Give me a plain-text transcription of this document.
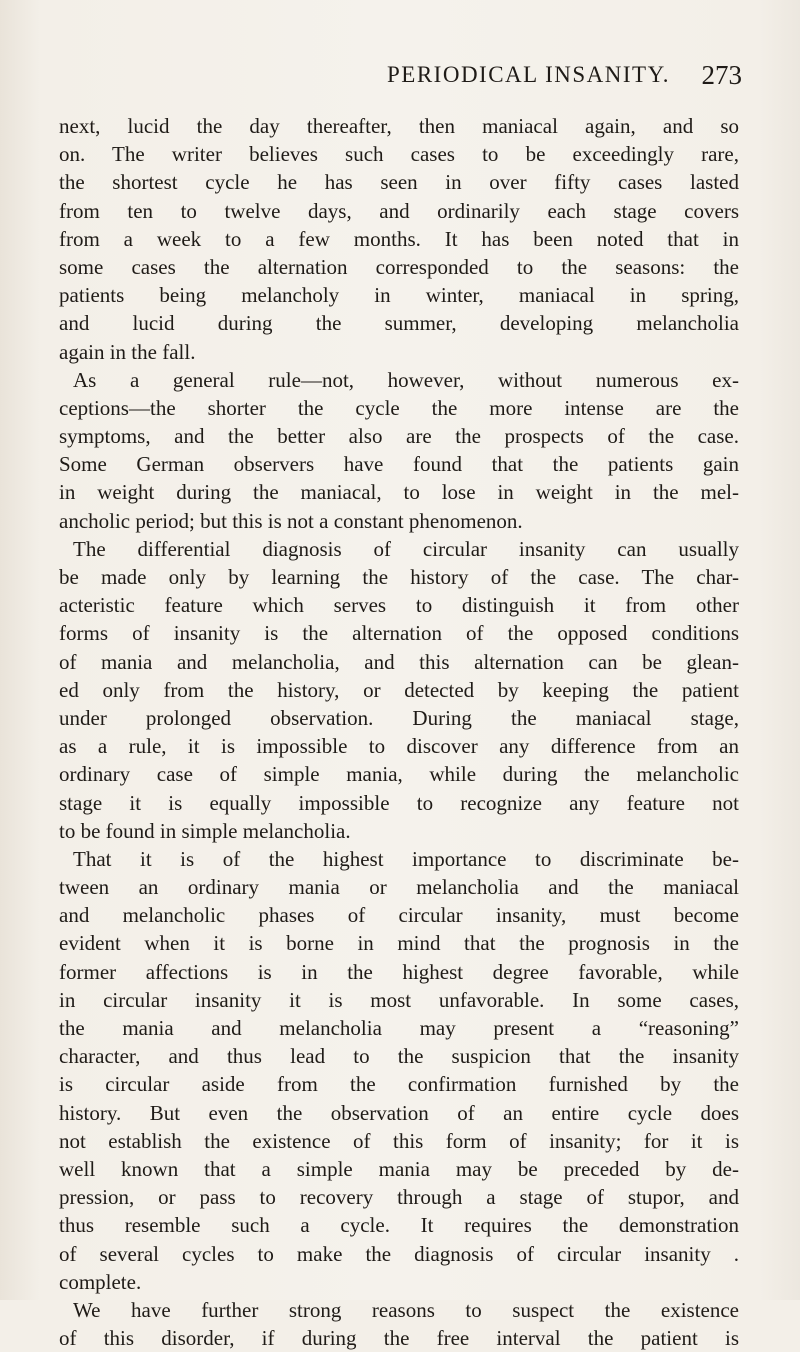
PERIODICAL INSANITY. 273
next, lucid the day thereafter, then maniacal again, and so
on. The writer believes such cases to be exceedingly rare,
the shortest cycle he has seen in over fifty cases lasted
from ten to twelve days, and ordinarily each stage covers
from a week to a few months. It has been noted that in
some cases the alternation corresponded to the seasons: the
patients being melancholy in winter, maniacal in spring,
and lucid during the summer, developing melancholia
again in the fall.
As a general rule—not, however, without numerous ex-
ceptions—the shorter the cycle the more intense are the
symptoms, and the better also are the prospects of the case.
Some German observers have found that the patients gain
in weight during the maniacal, to lose in weight in the mel-
ancholic period; but this is not a constant phenomenon.
The differential diagnosis of circular insanity can usually
be made only by learning the history of the case. The char-
acteristic feature which serves to distinguish it from other
forms of insanity is the alternation of the opposed conditions
of mania and melancholia, and this alternation can be glean-
ed only from the history, or detected by keeping the patient
under prolonged observation. During the maniacal stage,
as a rule, it is impossible to discover any difference from an
ordinary case of simple mania, while during the melancholic
stage it is equally impossible to recognize any feature not
to be found in simple melancholia.
That it is of the highest importance to discriminate be-
tween an ordinary mania or melancholia and the maniacal
and melancholic phases of circular insanity, must become
evident when it is borne in mind that the prognosis in the
former affections is in the highest degree favorable, while
in circular insanity it is most unfavorable. In some cases,
the mania and melancholia may present a “reasoning”
character, and thus lead to the suspicion that the insanity
is circular aside from the confirmation furnished by the
history. But even the observation of an entire cycle does
not establish the existence of this form of insanity; for it is
well known that a simple mania may be preceded by de-
pression, or pass to recovery through a stage of stupor, and
thus resemble such a cycle. It requires the demonstration
of several cycles to make the diagnosis of circular insanity .
complete.
We have further strong reasons to suspect the existence
of this disorder, if during the free interval the patient is
